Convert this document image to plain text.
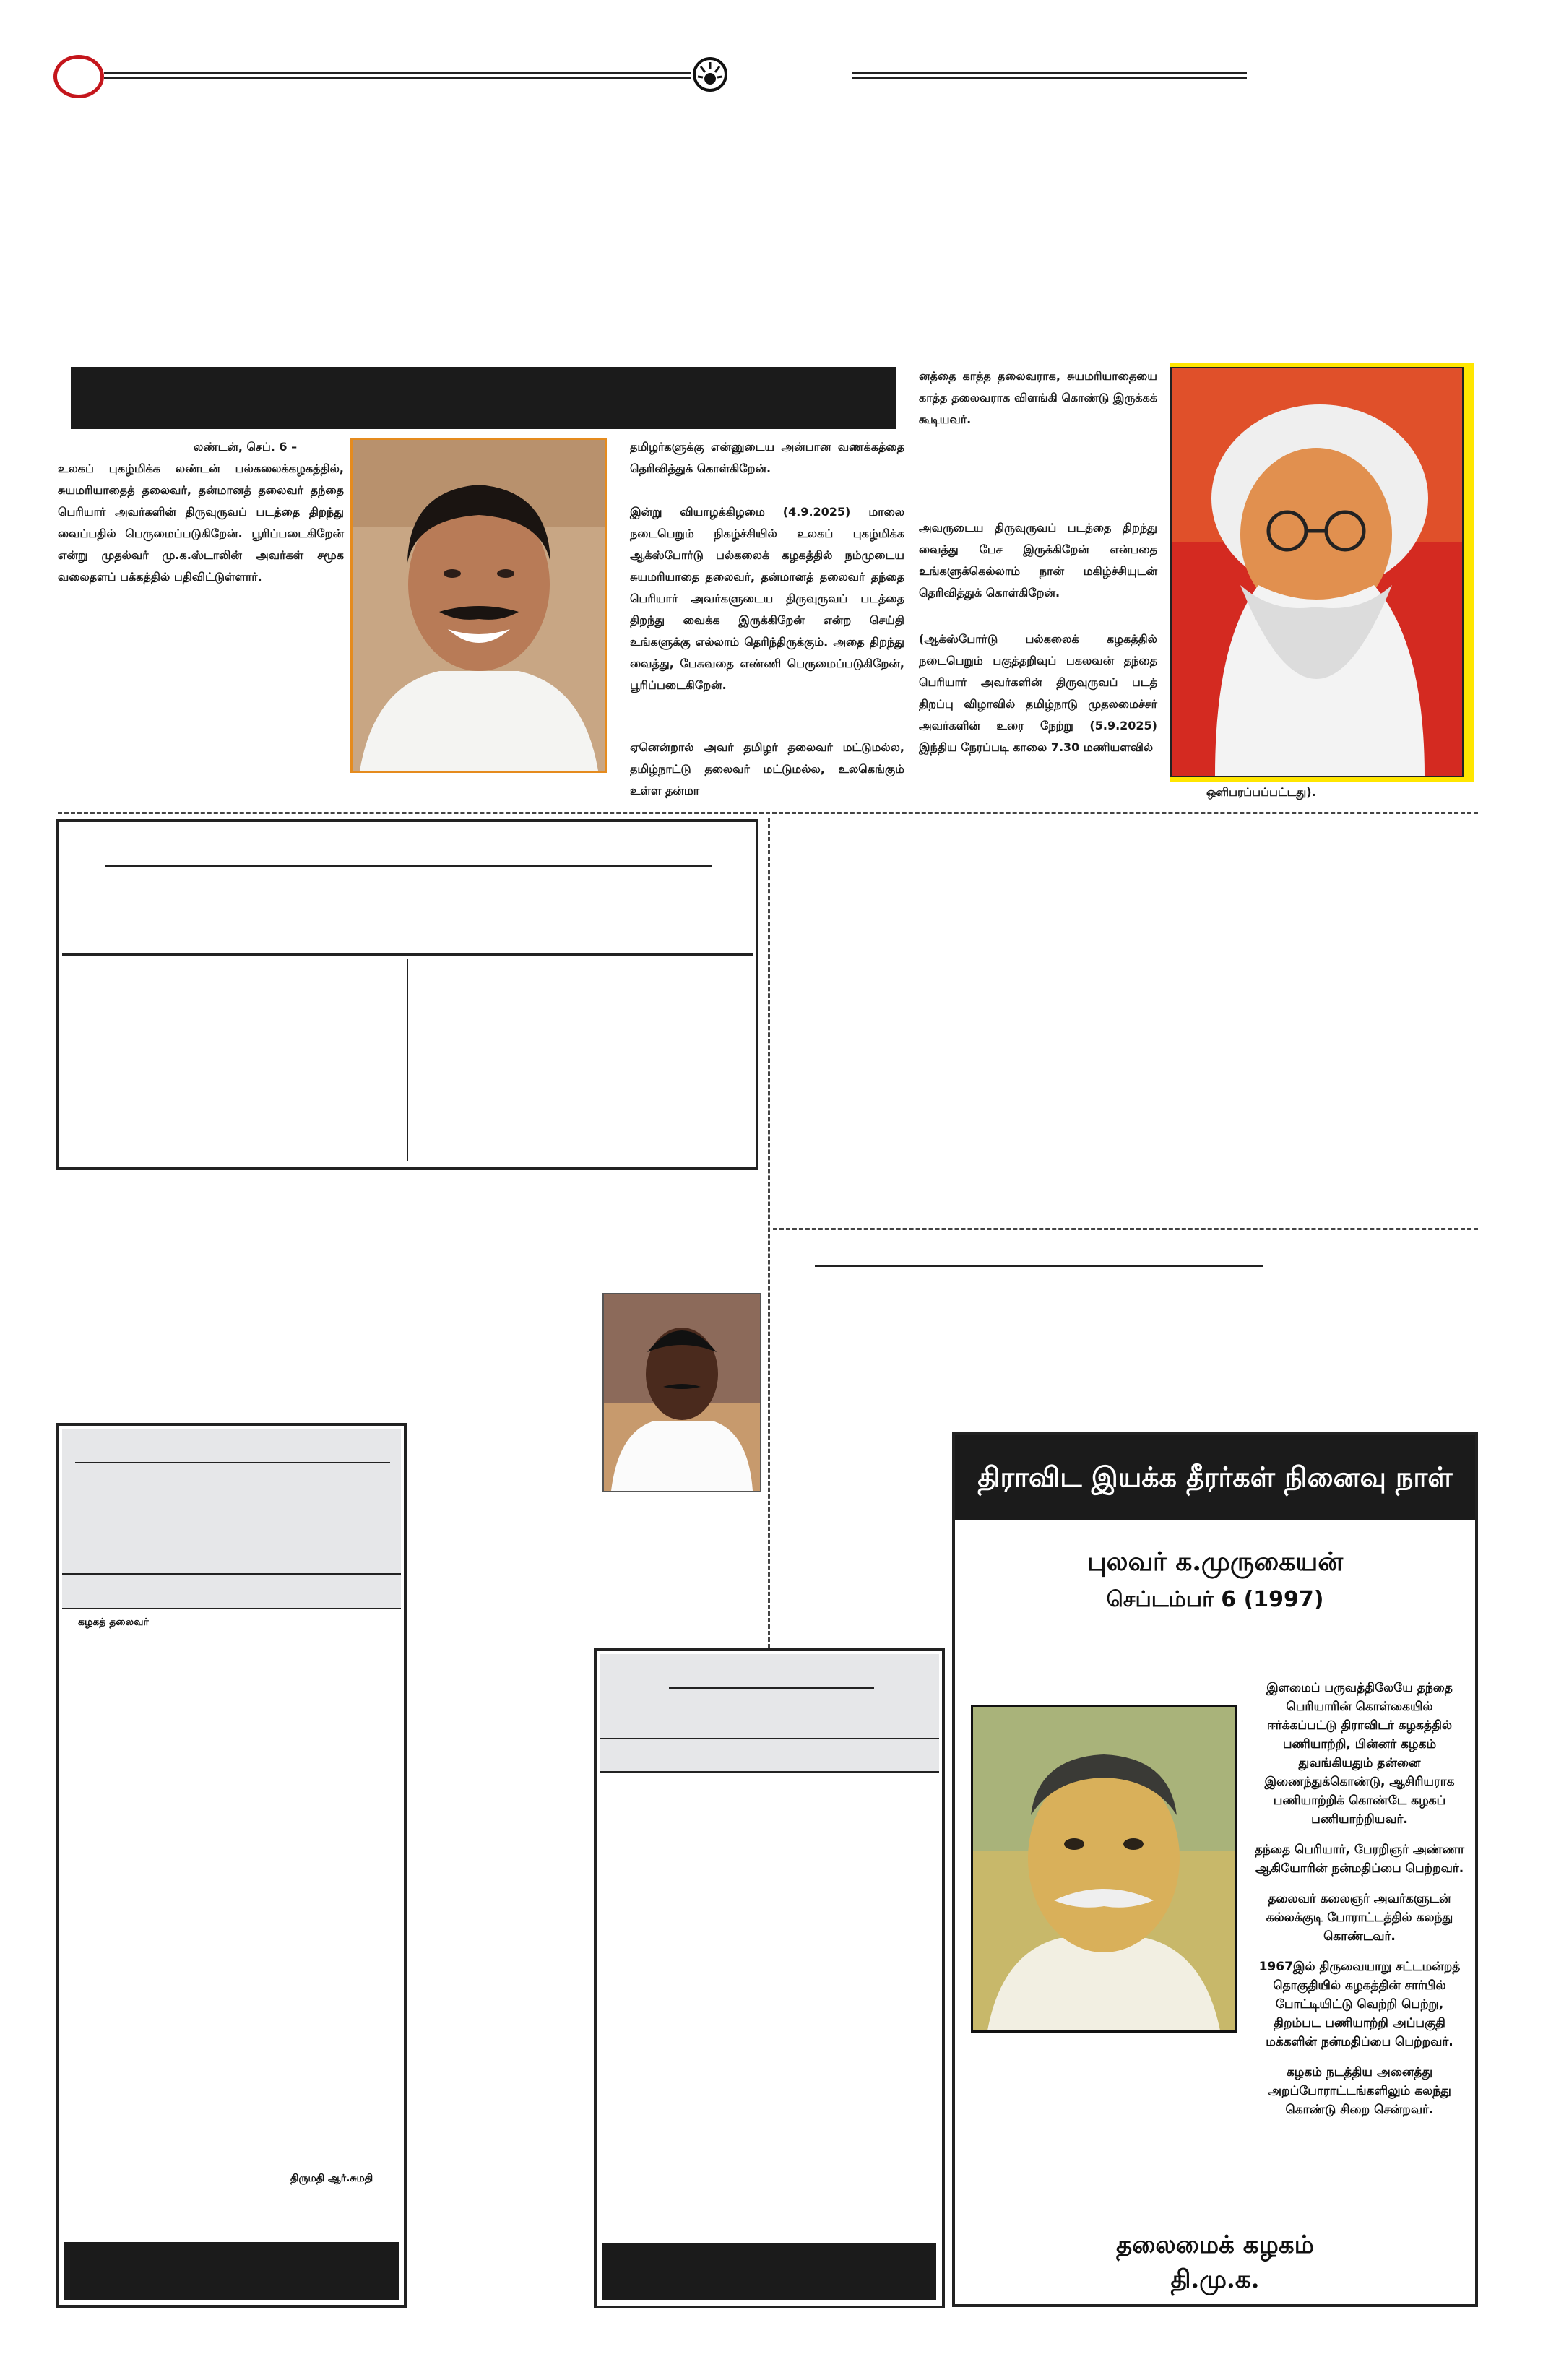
லண்டன், செப். 6 –
உலகப் புகழ்மிக்க லண்டன் பல்கலைக்கழகத்தில், சுயமரியாதைத் தலைவர், தன்மானத் தலைவர் தந்தை பெரியார் அவர்களின் திருவுருவப் படத்தை திறந்து வைப்பதில் பெருமைப்படுகிறேன். பூரிப்படைகிறேன் என்று முதல்வர் மு.க.ஸ்டாலின் அவர்கள் சமூக வலைதளப் பக்கத்தில் பதிவிட்டுள்ளார்.
தமிழர்களுக்கு என்னுடைய அன்பான வணக்கத்தை தெரிவித்துக் கொள்கிறேன்.
இன்று வியாழக்கிழமை (4.9.2025) மாலை நடைபெறும் நிகழ்ச்சியில் உலகப் புகழ்மிக்க ஆக்ஸ்போர்டு பல்கலைக் கழகத்தில் நம்முடைய சுயமரியாதை தலைவர், தன்மானத் தலைவர் தந்தை பெரியார் அவர்களுடைய திருவுருவப் படத்தை திறந்து வைக்க இருக்கிறேன் என்ற செய்தி உங்களுக்கு எல்லாம் தெரிந்திருக்கும். அதை திறந்து வைத்து, பேசுவதை எண்ணி பெருமைப்படுகிறேன், பூரிப்படைகிறேன்.
ஏனென்றால் அவர் தமிழர் தலைவர் மட்டுமல்ல, தமிழ்நாட்டு தலைவர் மட்டுமல்ல, உலகெங்கும் உள்ள தன்மா
னத்தை காத்த தலைவராக, சுயமரியாதையை காத்த தலைவராக விளங்கி கொண்டு இருக்கக் கூடியவர்.
அவருடைய திருவுருவப் படத்தை திறந்து வைத்து பேச இருக்கிறேன் என்பதை உங்களுக்கெல்லாம் நான் மகிழ்ச்சியுடன் தெரிவித்துக் கொள்கிறேன்.
(ஆக்ஸ்போர்டு பல்கலைக் கழகத்தில் நடைபெறும் பகுத்தறிவுப் பகலவன் தந்தை பெரியார் அவர்களின் திருவுருவப் படத் திறப்பு விழாவில் தமிழ்நாடு முதலமைச்சர் அவர்களின் உரை நேற்று (5.9.2025) இந்திய நேரப்படி காலை 7.30 மணியளவில்
ஒளிபரப்பப்பட்டது).
கழகத் தலைவர்
திருமதி ஆர்.சுமதி
திராவிட இயக்க தீரர்கள் நினைவு நாள்
புலவர் க.முருகையன்
செப்டம்பர் 6 (1997)

இளமைப் பருவத்திலேயே தந்தை பெரியாரின் கொள்கையில் ஈர்க்கப்பட்டு திராவிடர் கழகத்தில் பணியாற்றி, பின்னர் கழகம் துவங்கியதும் தன்னை இணைந்துக்கொண்டு, ஆசிரியராக பணியாற்றிக் கொண்டே கழகப் பணியாற்றியவர்.

தந்தை பெரியார், பேரறிஞர் அண்ணா ஆகியோரின் நன்மதிப்பை பெற்றவர்.

தலைவர் கலைஞர் அவர்களுடன் கல்லக்குடி போராட்டத்தில் கலந்து கொண்டவர்.

1967இல் திருவையாறு சட்டமன்றத் தொகுதியில் கழகத்தின் சார்பில் போட்டியிட்டு வெற்றி பெற்று, திறம்பட பணியாற்றி அப்பகுதி மக்களின் நன்மதிப்பை பெற்றவர்.

கழகம் நடத்திய அனைத்து அறப்போராட்டங்களிலும் கலந்து கொண்டு சிறை சென்றவர்.

தலைமைக் கழகம்
தி.மு.க.
